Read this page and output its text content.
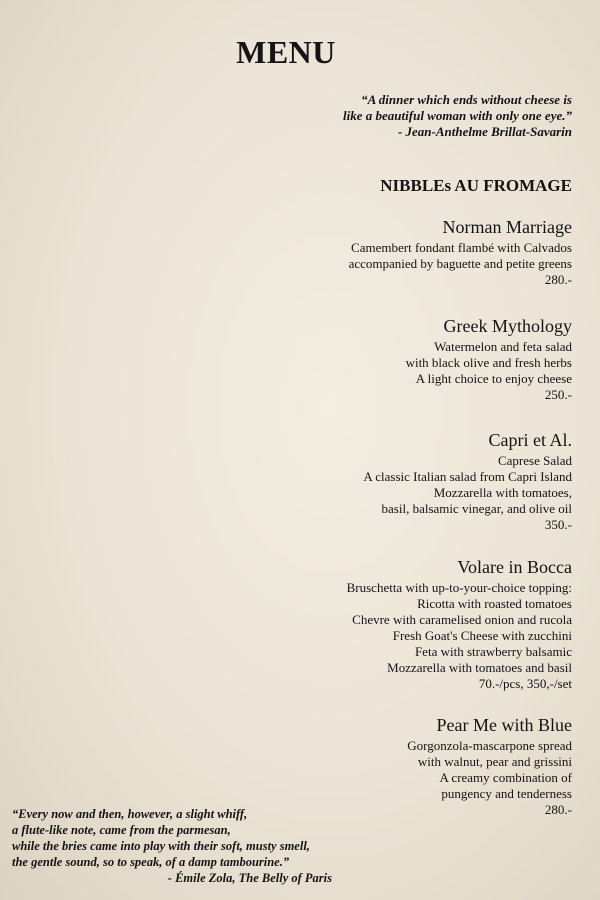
MENU
“A dinner which ends without cheese is
like a beautiful woman with only one eye.”
- Jean-Anthelme Brillat-Savarin
NIBBLEs AU FROMAGE
Norman Marriage
Camembert fondant flambé with Calvados
accompanied by baguette and petite greens
280.-
Greek Mythology
Watermelon and feta salad
with black olive and fresh herbs
A light choice to enjoy cheese
250.-
Capri et Al.
Caprese Salad
A classic Italian salad from Capri Island
Mozzarella with tomatoes,
basil, balsamic vinegar, and olive oil
350.-
Volare in Bocca
Bruschetta with up-to-your-choice topping:
Ricotta with roasted tomatoes
Chevre with caramelised onion and rucola
Fresh Goat's Cheese with zucchini
Feta with strawberry balsamic
Mozzarella with tomatoes and basil
70.-/pcs, 350,-/set
Pear Me with Blue
Gorgonzola-mascarpone spread
with walnut, pear and grissini
A creamy combination of
pungency and tenderness
280.-
“Every now and then, however, a slight whiff,
a flute-like note, came from the parmesan,
while the bries came into play with their soft, musty smell,
the gentle sound, so to speak, of a damp tambourine.”
- Émile Zola, The Belly of Paris
